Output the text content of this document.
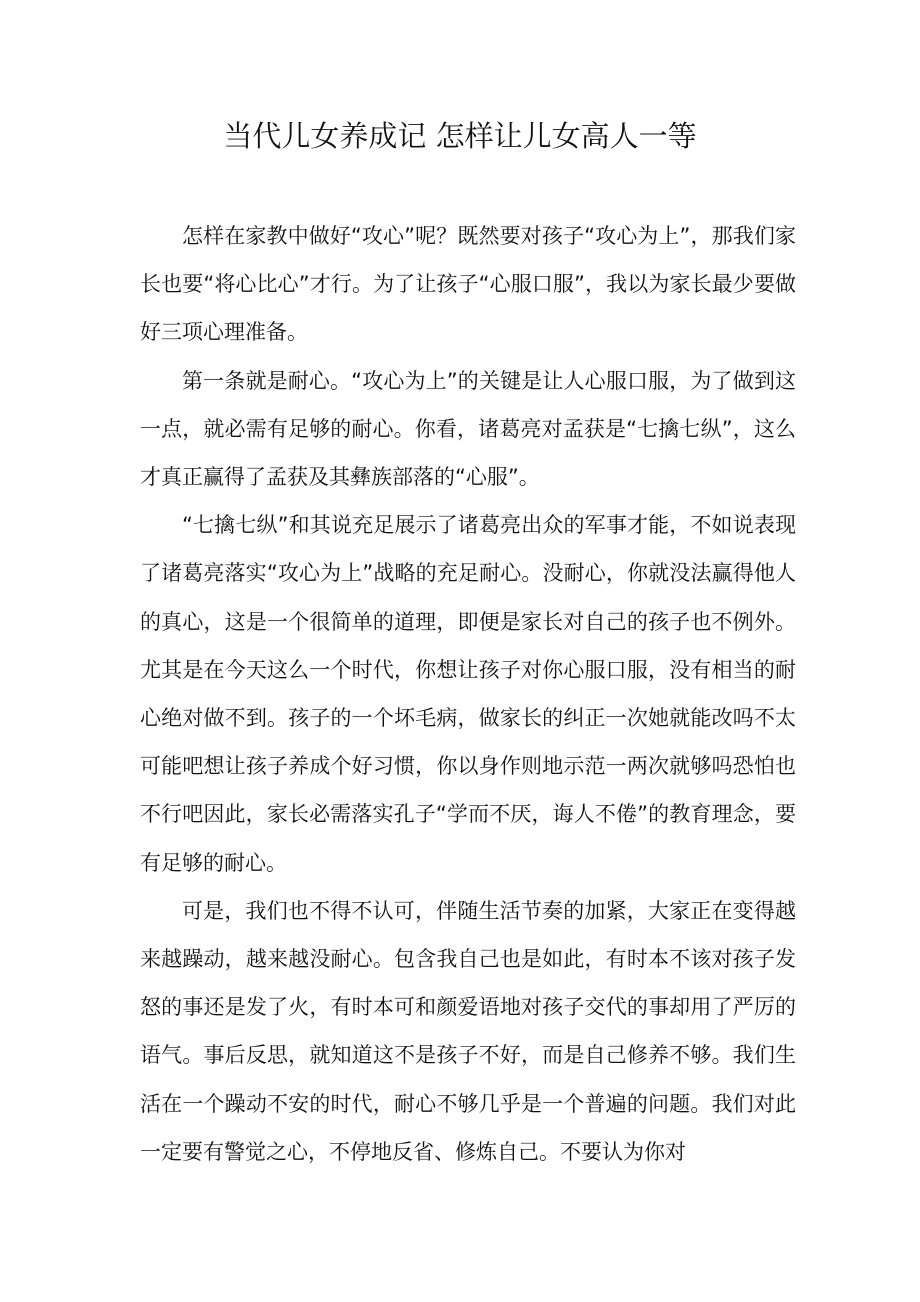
当代儿女养成记 怎样让儿女高人一等

怎样在家教中做好“攻心”呢？既然要对孩子“攻心为上”，那我们家长也要“将心比心”才行。为了让孩子“心服口服”，我以为家长最少要做好三项心理准备。

第一条就是耐心。“攻心为上”的关键是让人心服口服，为了做到这一点，就必需有足够的耐心。你看，诸葛亮对孟获是“七擒七纵”，这么才真正赢得了孟获及其彝族部落的“心服”。

“七擒七纵”和其说充足展示了诸葛亮出众的军事才能，不如说表现了诸葛亮落实“攻心为上”战略的充足耐心。没耐心，你就没法赢得他人的真心，这是一个很简单的道理，即便是家长对自己的孩子也不例外。尤其是在今天这么一个时代，你想让孩子对你心服口服，没有相当的耐心绝对做不到。孩子的一个坏毛病，做家长的纠正一次她就能改吗不太可能吧想让孩子养成个好习惯，你以身作则地示范一两次就够吗恐怕也不行吧因此，家长必需落实孔子“学而不厌，诲人不倦”的教育理念，要有足够的耐心。

可是，我们也不得不认可，伴随生活节奏的加紧，大家正在变得越来越躁动，越来越没耐心。包含我自己也是如此，有时本不该对孩子发怒的事还是发了火，有时本可和颜爱语地对孩子交代的事却用了严厉的语气。事后反思，就知道这不是孩子不好，而是自己修养不够。我们生活在一个躁动不安的时代，耐心不够几乎是一个普遍的问题。我们对此一定要有警觉之心，不停地反省、修炼自己。不要认为你对
